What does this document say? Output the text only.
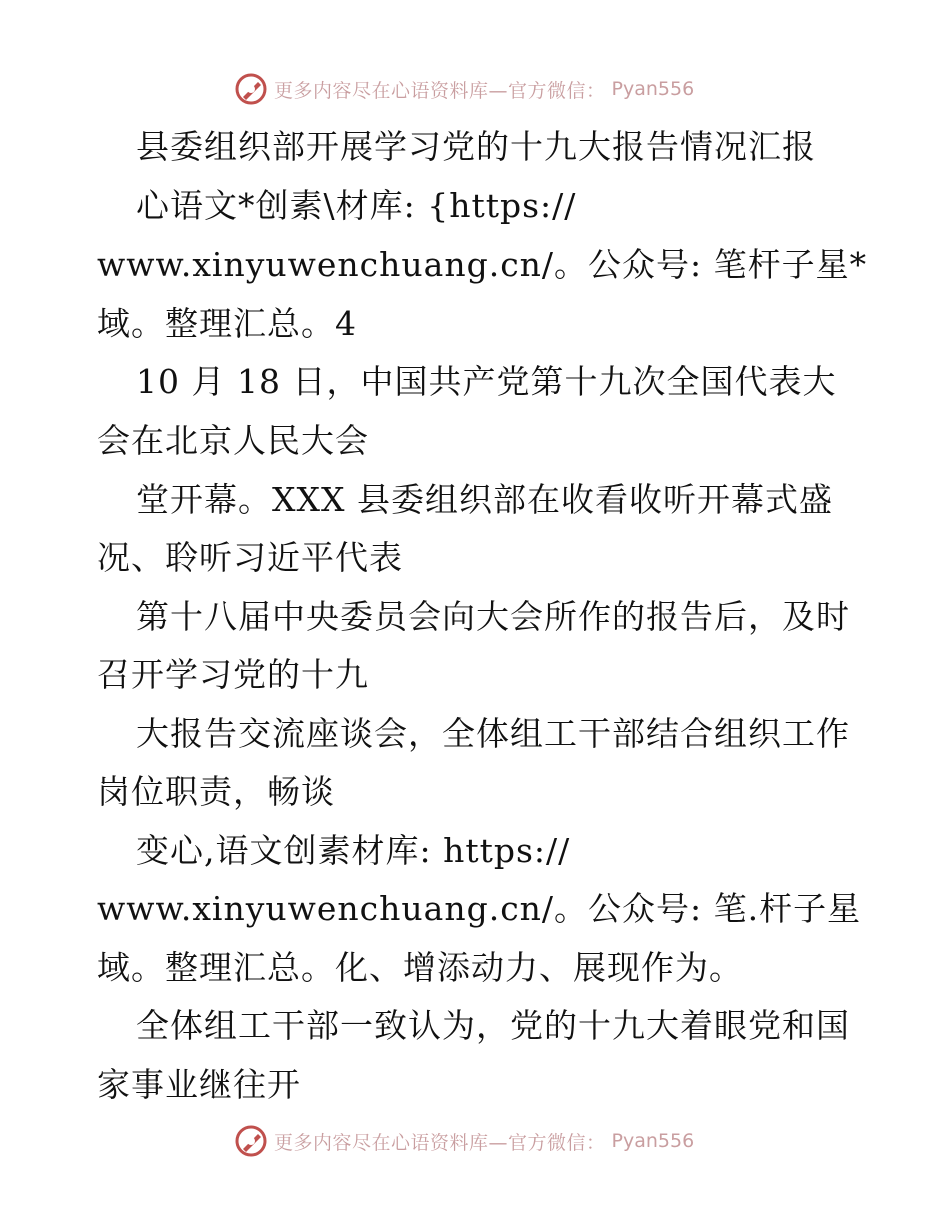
更多内容尽在心语资料库—官方微信： Pyan556
县委组织部开展学习党的十九大报告情况汇报
心语文*创素\材库: {https://
www.xinyuwenchuang.cn/。公众号: 笔杆子星*
域。整理汇总。4
10 月 18 日，中国共产党第十九次全国代表大
会在北京人民大会
堂开幕。XXX 县委组织部在收看收听开幕式盛
况、聆听习近平代表
第十八届中央委员会向大会所作的报告后，及时
召开学习党的十九
大报告交流座谈会，全体组工干部结合组织工作
岗位职责，畅谈
变心,语文创素材库: https://
www.xinyuwenchuang.cn/。公众号: 笔.杆子星
域。整理汇总。化、增添动力、展现作为。
全体组工干部一致认为，党的十九大着眼党和国
家事业继往开
更多内容尽在心语资料库—官方微信： Pyan556
